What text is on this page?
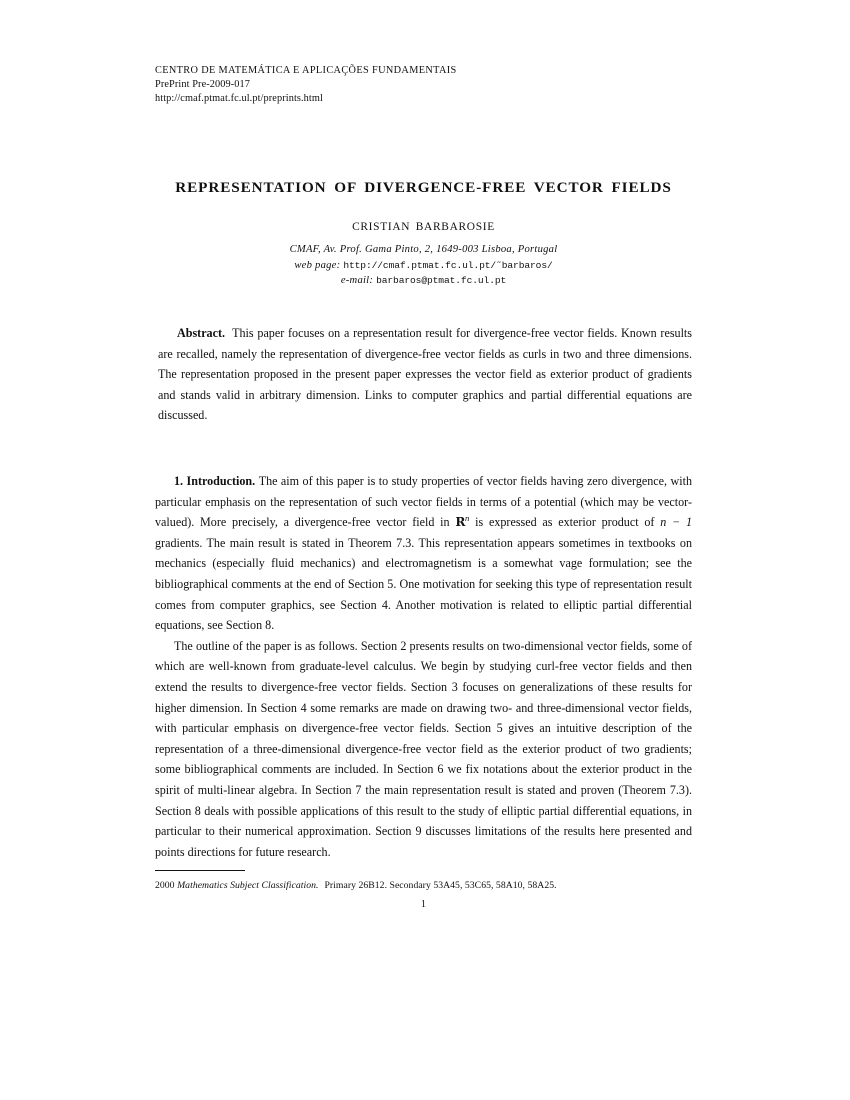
CENTRO DE MATEMÁTICA E APLICAÇÕES FUNDAMENTAIS
PrePrint Pre-2009-017
http://cmaf.ptmat.fc.ul.pt/preprints.html
REPRESENTATION OF DIVERGENCE-FREE VECTOR FIELDS
CRISTIAN BARBAROSIE
CMAF, Av. Prof. Gama Pinto, 2, 1649-003 Lisboa, Portugal
web page: http://cmaf.ptmat.fc.ul.pt/˜barbaros/
e-mail: barbaros@ptmat.fc.ul.pt
Abstract. This paper focuses on a representation result for divergence-free vector fields. Known results are recalled, namely the representation of divergence-free vector fields as curls in two and three dimensions. The representation proposed in the present paper expresses the vector field as exterior product of gradients and stands valid in arbitrary dimension. Links to computer graphics and partial differential equations are discussed.

1. Introduction. The aim of this paper is to study properties of vector fields having zero divergence, with particular emphasis on the representation of such vector fields in terms of a potential (which may be vector-valued). More precisely, a divergence-free vector field in $R^n$ is expressed as exterior product of n − 1 gradients. The main result is stated in Theorem 7.3. This representation appears sometimes in textbooks on mechanics (especially fluid mechanics) and electromagnetism is a somewhat vage formulation; see the bibliographical comments at the end of Section 5. One motivation for seeking this type of representation result comes from computer graphics, see Section 4. Another motivation is related to elliptic partial differential equations, see Section 8.

The outline of the paper is as follows. Section 2 presents results on two-dimensional vector fields, some of which are well-known from graduate-level calculus. We begin by studying curl-free vector fields and then extend the results to divergence-free vector fields. Section 3 focuses on generalizations of these results for higher dimension. In Section 4 some remarks are made on drawing two- and three-dimensional vector fields, with particular emphasis on divergence-free vector fields. Section 5 gives an intuitive description of the representation of a three-dimensional divergence-free vector field as the exterior product of two gradients; some bibliographical comments are included. In Section 6 we fix notations about the exterior product in the spirit of multi-linear algebra. In Section 7 the main representation result is stated and proven (Theorem 7.3). Section 8 deals with possible applications of this result to the study of elliptic partial differential equations, in particular to their numerical approximation. Section 9 discusses limitations of the results here presented and points directions for future research.

2000 Mathematics Subject Classification. Primary 26B12. Secondary 53A45, 53C65, 58A10, 58A25.
1
